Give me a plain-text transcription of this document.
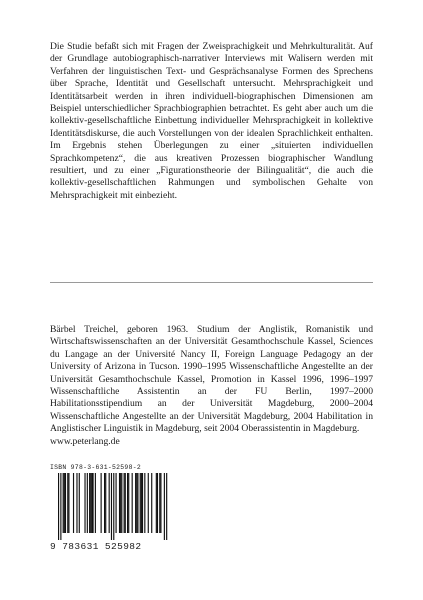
Die Studie befaßt sich mit Fragen der Zweisprachigkeit und Mehrkulturalität. Auf der Grundlage autobiographisch-narrativer Interviews mit Walisern werden mit Verfahren der linguistischen Text- und Gesprächsanalyse Formen des Sprechens über Sprache, Identität und Gesellschaft untersucht. Mehrsprachigkeit und Identitätsarbeit werden in ihren individuell-biographischen Dimensionen am Beispiel unterschiedlicher Sprachbiographien betrachtet. Es geht aber auch um die kollektiv-gesellschaftliche Einbettung individueller Mehrsprachigkeit in kollektive Identitätsdiskurse, die auch Vorstellungen von der idealen Sprachlichkeit enthalten. Im Ergebnis stehen Überlegungen zu einer „situierten individuellen Sprachkompetenz“, die aus kreativen Prozessen biographischer Wandlung resultiert, und zu einer „Figurationstheorie der Bilingualität“, die auch die kollektiv-gesellschaftlichen Rahmungen und symbolischen Gehalte von Mehrsprachigkeit mit einbezieht.

Bärbel Treichel, geboren 1963. Studium der Anglistik, Romanistik und Wirtschaftswissenschaften an der Universität Gesamthochschule Kassel, Sciences du Langage an der Université Nancy II, Foreign Language Pedagogy an der University of Arizona in Tucson. 1990–1995 Wissenschaftliche Angestellte an der Universität Gesamthochschule Kassel, Promotion in Kassel 1996, 1996–1997 Wissenschaftliche Assistentin an der FU Berlin, 1997–2000 Habilitationsstipendium an der Universität Magdeburg, 2000–2004 Wissenschaftliche Angestellte an der Universität Magdeburg, 2004 Habilitation in Anglistischer Linguistik in Magdeburg, seit 2004 Oberassistentin in Magdeburg.

www.peterlang.de

ISBN 978-3-631-52598-2
9 783631 525982
